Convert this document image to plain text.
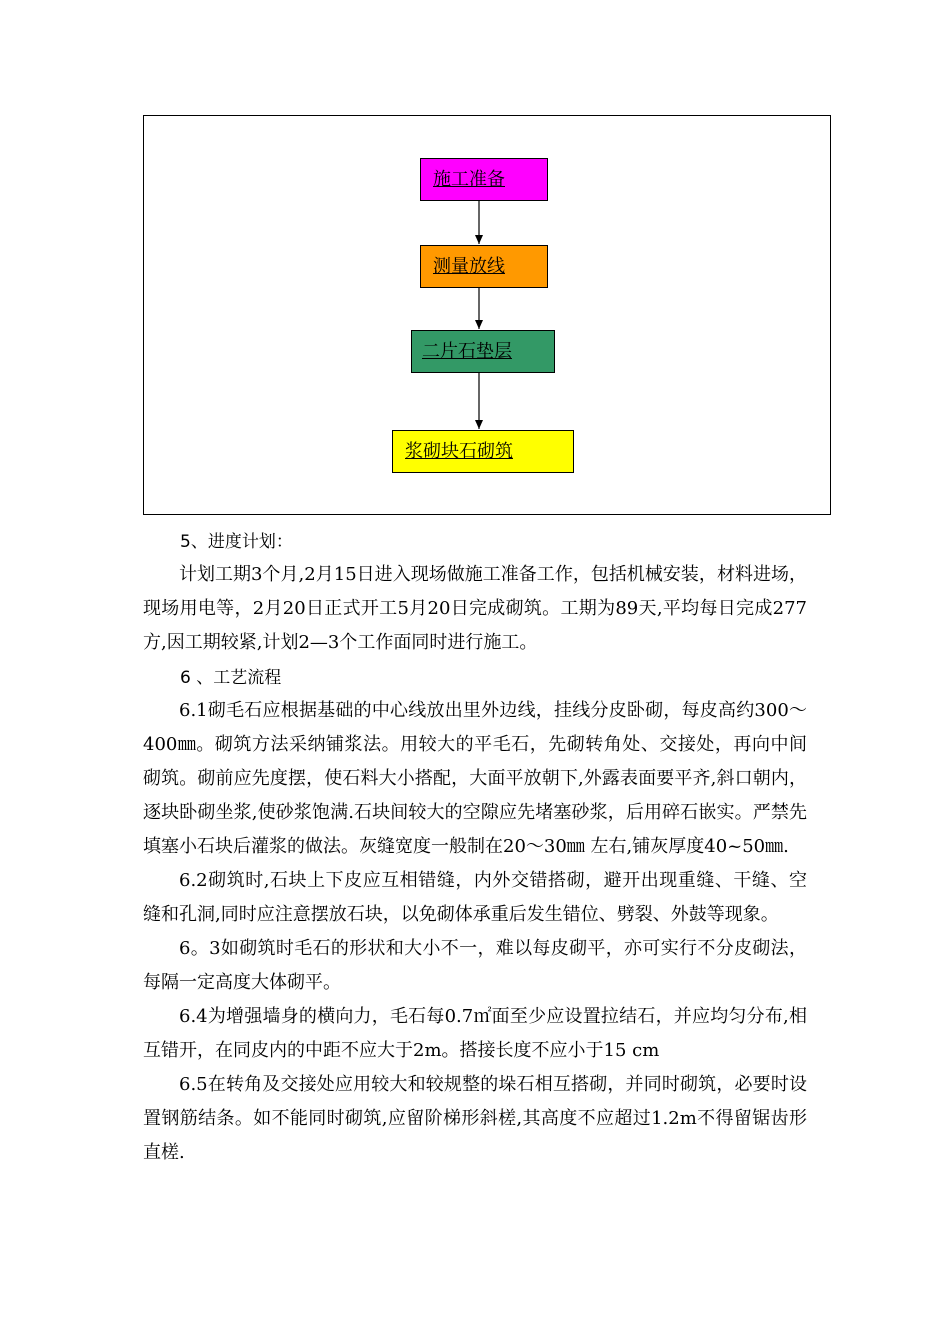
施工准备
测量放线
二片石垫层
浆砌块石砌筑
5、进度计划：

计划工期3个月,2月15日进入现场做施工准备工作，包括机械安装，材料进场，现场用电等，2月20日正式开工5月20日完成砌筑。工期为89天,平均每日完成277方,因工期较紧,计划2—3个工作面同时进行施工。

6 、工艺流程

6.1砌毛石应根据基础的中心线放出里外边线，挂线分皮卧砌，每皮高约300～400㎜。砌筑方法采纳铺浆法。用较大的平毛石，先砌转角处、交接处，再向中间砌筑。砌前应先度摆，使石料大小搭配，大面平放朝下,外露表面要平齐,斜口朝内，逐块卧砌坐浆,使砂浆饱满.石块间较大的空隙应先堵塞砂浆，后用碎石嵌实。严禁先填塞小石块后灌浆的做法。灰缝宽度一般制在20～30㎜ 左右,铺灰厚度40~50㎜.

6.2砌筑时,石块上下皮应互相错缝，内外交错搭砌，避开出现重缝、干缝、空缝和孔洞,同时应注意摆放石块，以免砌体承重后发生错位、劈裂、外鼓等现象。

6。3如砌筑时毛石的形状和大小不一，难以每皮砌平，亦可实行不分皮砌法，每隔一定高度大体砌平。

6.4为增强墙身的横向力，毛石每0.7㎡面至少应设置拉结石，并应均匀分布,相互错开，在同皮内的中距不应大于2m。搭接长度不应小于15 cm

6.5在转角及交接处应用较大和较规整的垛石相互搭砌，并同时砌筑，必要时设置钢筋结条。如不能同时砌筑,应留阶梯形斜槎,其高度不应超过1.2m不得留锯齿形直槎.
